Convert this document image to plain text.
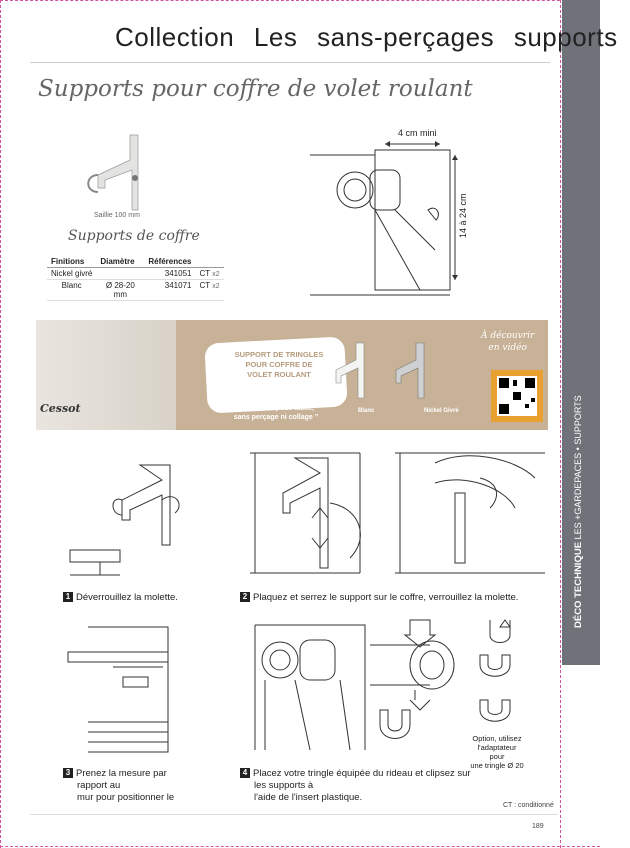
DÉCO TECHNIQUE LES +GARDEPACES • SUPPORTS
Collection Les sans-perçages supports
Supports pour coffre de volet roulant
Saillie 100 mm
Supports de coffre
Finitions	Diamètre	Références	
Nickel givré		341051	CT x2
Blanc	Ø 28-20 mm	341071	CT x2
4 cm mini
14 à 24 cm
Cessot
SUPPORT DE TRINGLES
POUR COFFRE DE
VOLET ROULANT
“ Pour une pose facile,
sans perçage ni collage ”
Blanc	Nickel Givré
À découvrir
en vidéo
1 Déverrouillez la molette.	2 Plaquez et serrez le support sur le coffre, verrouillez la molette.
3 Prenez la mesure par
rapport au
mur pour positionner le
4 Placez votre tringle équipée du rideau et clipsez sur
les supports à
l'aide de l'insert plastique.
Option, utilisez
l'adaptateur
pour
une tringle Ø 20
CT : conditionné
189
